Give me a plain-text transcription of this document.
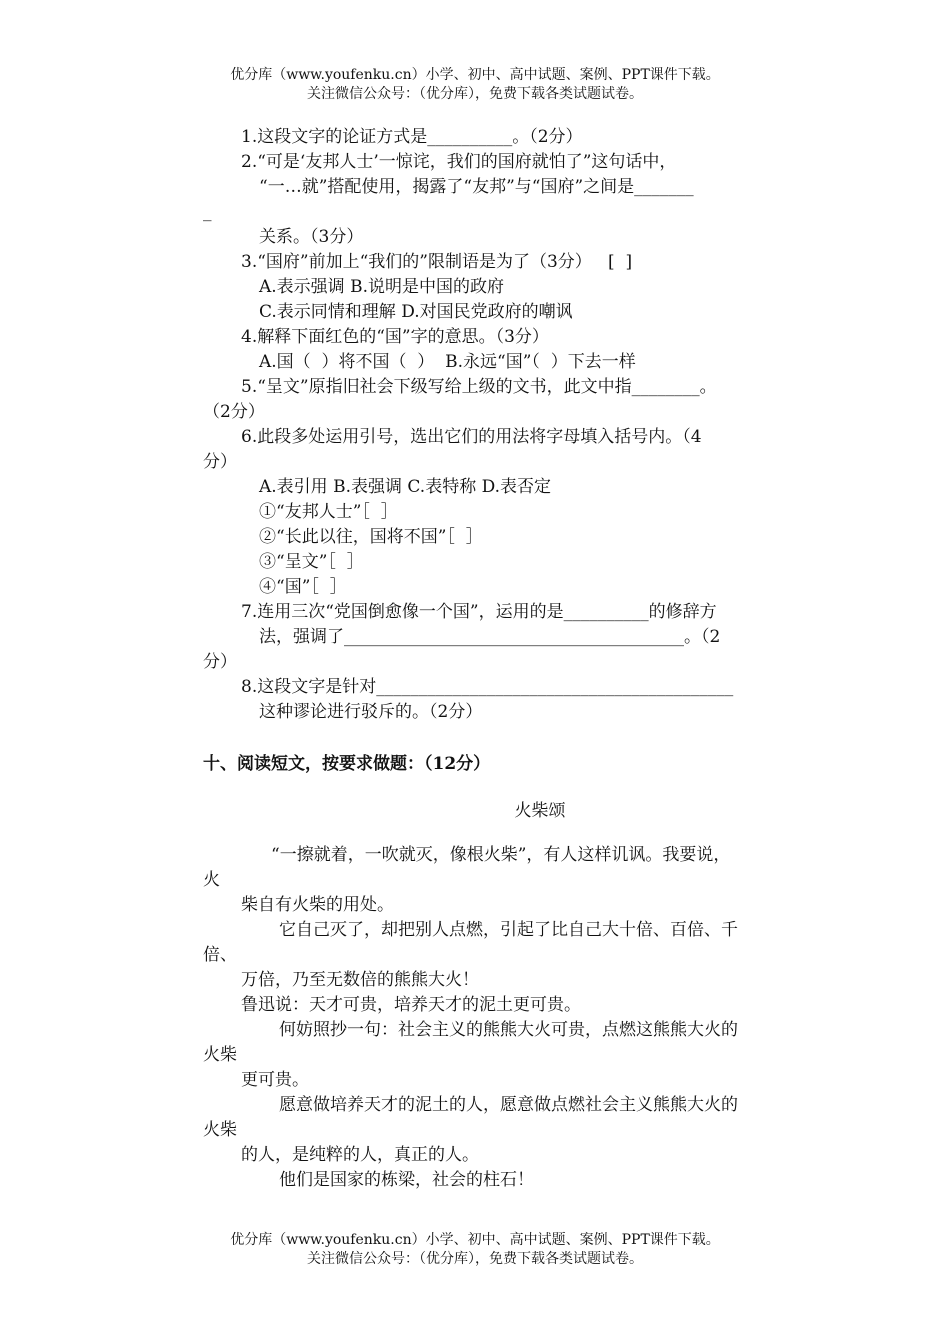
优分库（www.youfenku.cn）小学、初中、高中试题、案例、PPT课件下载。
关注微信公众号：（优分库），免费下载各类试题试卷。
1.这段文字的论证方式是__________。（2分）
2.“可是‘友邦人士’一惊诧，我们的国府就怕了”这句话中，
“一…就”搭配使用，揭露了“友邦”与“国府”之间是_______
_
关系。（3分）
3.“国府”前加上“我们的”限制语是为了（3分）   [  ]
A.表示强调 B.说明是中国的政府
C.表示同情和理解 D.对国民党政府的嘲讽
4.解释下面红色的“国”字的意思。（3分）
A.国（  ）将不国（  ）  B.永远“国”（  ）下去一样
5.“呈文”原指旧社会下级写给上级的文书，此文中指________。
（2分）
6.此段多处运用引号，选出它们的用法将字母填入括号内。（4
分）
A.表引用 B.表强调 C.表特称 D.表否定
①“友邦人士”［  ］
②“长此以往，国将不国”［  ］
③“呈文”［  ］
④“国”［  ］
7.连用三次“党国倒愈像一个国”，运用的是__________的修辞方
法，强调了________________________________________。（2
分）
8.这段文字是针对__________________________________________
这种谬论进行驳斥的。（2分）
十、阅读短文，按要求做题：（12分）
火柴颂
“一擦就着，一吹就灭，像根火柴”，有人这样讥讽。我要说，
火
柴自有火柴的用处。
它自己灭了，却把别人点燃，引起了比自己大十倍、百倍、千
倍、
万倍，乃至无数倍的熊熊大火！
鲁迅说：天才可贵，培养天才的泥土更可贵。
何妨照抄一句：社会主义的熊熊大火可贵，点燃这熊熊大火的
火柴
更可贵。
愿意做培养天才的泥土的人，愿意做点燃社会主义熊熊大火的
火柴
的人，是纯粹的人，真正的人。
他们是国家的栋梁，社会的柱石！
优分库（www.youfenku.cn）小学、初中、高中试题、案例、PPT课件下载。
关注微信公众号：（优分库），免费下载各类试题试卷。
